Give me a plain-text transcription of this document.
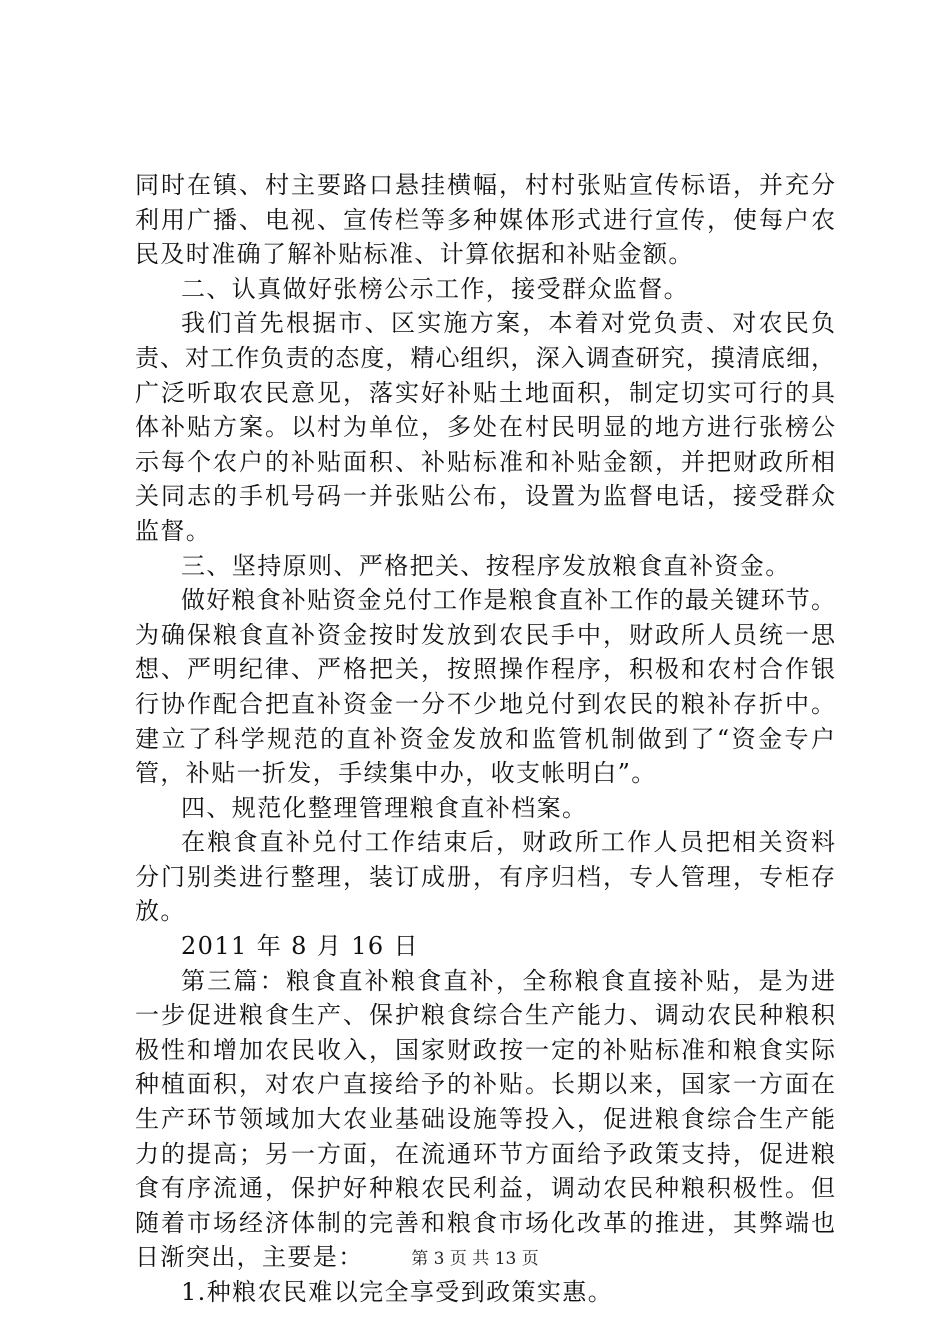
同时在镇、村主要路口悬挂横幅，村村张贴宣传标语，并充分
利用广播、电视、宣传栏等多种媒体形式进行宣传，使每户农
民及时准确了解补贴标准、计算依据和补贴金额。
二、认真做好张榜公示工作，接受群众监督。
我们首先根据市、区实施方案，本着对党负责、对农民负
责、对工作负责的态度，精心组织，深入调查研究，摸清底细，
广泛听取农民意见，落实好补贴土地面积，制定切实可行的具
体补贴方案。以村为单位，多处在村民明显的地方进行张榜公
示每个农户的补贴面积、补贴标准和补贴金额，并把财政所相
关同志的手机号码一并张贴公布，设置为监督电话，接受群众
监督。
三、坚持原则、严格把关、按程序发放粮食直补资金。
做好粮食补贴资金兑付工作是粮食直补工作的最关键环节。
为确保粮食直补资金按时发放到农民手中，财政所人员统一思
想、严明纪律、严格把关，按照操作程序，积极和农村合作银
行协作配合把直补资金一分不少地兑付到农民的粮补存折中。
建立了科学规范的直补资金发放和监管机制做到了“资金专户
管，补贴一折发，手续集中办，收支帐明白”。
四、规范化整理管理粮食直补档案。
在粮食直补兑付工作结束后，财政所工作人员把相关资料
分门别类进行整理，装订成册，有序归档，专人管理，专柜存
放。
2011 年 8 月 16 日
第三篇：粮食直补粮食直补，全称粮食直接补贴，是为进
一步促进粮食生产、保护粮食综合生产能力、调动农民种粮积
极性和增加农民收入，国家财政按一定的补贴标准和粮食实际
种植面积，对农户直接给予的补贴。长期以来，国家一方面在
生产环节领域加大农业基础设施等投入，促进粮食综合生产能
力的提高；另一方面，在流通环节方面给予政策支持，促进粮
食有序流通，保护好种粮农民利益，调动农民种粮积极性。但
随着市场经济体制的完善和粮食市场化改革的推进，其弊端也
日渐突出，主要是：
1.种粮农民难以完全享受到政策实惠。
第 3 页 共 13 页
